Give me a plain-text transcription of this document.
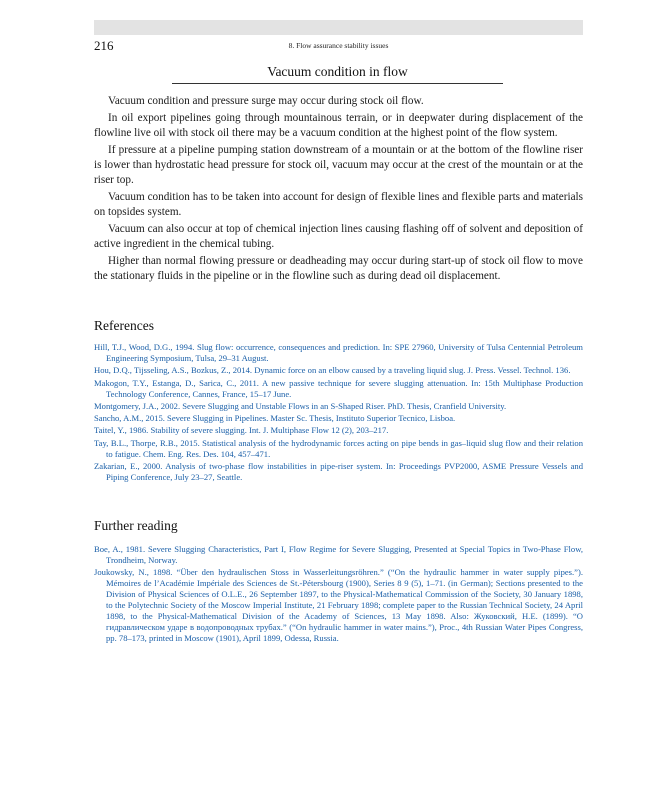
216	8. Flow assurance stability issues
Vacuum condition in flow

Vacuum condition and pressure surge may occur during stock oil flow.

In oil export pipelines going through mountainous terrain, or in deepwater during displacement of the flowline live oil with stock oil there may be a vacuum condition at the highest point of the flow system.

If pressure at a pipeline pumping station downstream of a mountain or at the bottom of the flowline riser is lower than hydrostatic head pressure for stock oil, vacuum may occur at the crest of the mountain or at the riser top.

Vacuum condition has to be taken into account for design of flexible lines and flexible parts and materials on topsides system.

Vacuum can also occur at top of chemical injection lines causing flashing off of solvent and deposition of active ingredient in the chemical tubing.

Higher than normal flowing pressure or deadheading may occur during start-up of stock oil flow to move the stationary fluids in the pipeline or in the flowline such as during dead oil displacement.

References
Hill, T.J., Wood, D.G., 1994. Slug flow: occurrence, consequences and prediction. In: SPE 27960, University of Tulsa Centennial Petroleum Engineering Symposium, Tulsa, 29–31 August.
Hou, D.Q., Tijsseling, A.S., Bozkus, Z., 2014. Dynamic force on an elbow caused by a traveling liquid slug. J. Press. Vessel. Technol. 136.
Makogon, T.Y., Estanga, D., Sarica, C., 2011. A new passive technique for severe slugging attenuation. In: 15th Multiphase Production Technology Conference, Cannes, France, 15–17 June.
Montgomery, J.A., 2002. Severe Slugging and Unstable Flows in an S-Shaped Riser. PhD. Thesis, Cranfield University.
Sancho, A.M., 2015. Severe Slugging in Pipelines. Master Sc. Thesis, Instituto Superior Tecnico, Lisboa.
Taitel, Y., 1986. Stability of severe slugging. Int. J. Multiphase Flow 12 (2), 203–217.
Tay, B.L., Thorpe, R.B., 2015. Statistical analysis of the hydrodynamic forces acting on pipe bends in gas–liquid slug flow and their relation to fatigue. Chem. Eng. Res. Des. 104, 457–471.
Zakarian, E., 2000. Analysis of two-phase flow instabilities in pipe-riser system. In: Proceedings PVP2000, ASME Pressure Vessels and Piping Conference, July 23–27, Seattle.
Further reading
Boe, A., 1981. Severe Slugging Characteristics, Part I, Flow Regime for Severe Slugging, Presented at Special Topics in Two-Phase Flow, Trondheim, Norway.
Joukowsky, N., 1898. “Über den hydraulischen Stoss in Wasserleitungsröhren.” (“On the hydraulic hammer in water supply pipes.”). Mémoires de l’Académie Impériale des Sciences de St.-Pétersbourg (1900), Series 8 9 (5), 1–71. (in German); Sections presented to the Division of Physical Sciences of O.L.E., 26 September 1897, to the Physical-Mathematical Commission of the Society, 30 January 1898, to the Polytechnic Society of the Moscow Imperial Institute, 21 February 1898; complete paper to the Russian Technical Society, 24 April 1898, to the Physical-Mathematical Division of the Academy of Sciences, 13 May 1898. Also: Жуковский, Н.Е. (1899). “О гидравлическом ударе в водопроводных трубах.” (“On hydraulic hammer in water mains.”), Proc., 4th Russian Water Pipes Congress, pp. 78–173, printed in Moscow (1901), April 1899, Odessa, Russia.
